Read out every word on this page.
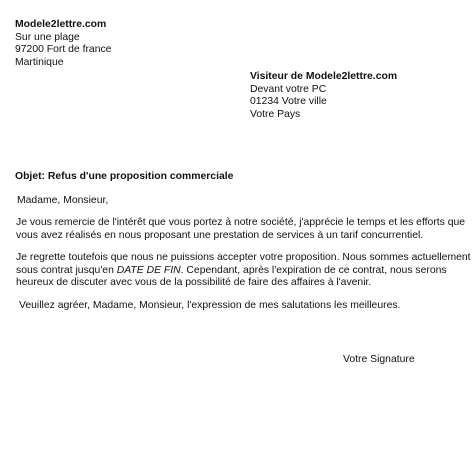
Modele2lettre.com
Sur une plage
97200 Fort de france
Martinique
Visiteur de Modele2lettre.com
Devant votre PC
01234 Votre ville
Votre Pays
Objet: Refus d'une proposition commerciale
Madame, Monsieur,
Je vous remercie de l'intérêt que vous portez à notre société, j'apprécie le temps et les efforts que
vous avez réalisés en nous proposant une prestation de services à un tarif concurrentiel.
Je regrette toutefois que nous ne puissions accepter votre proposition. Nous sommes actuellement
sous contrat jusqu'en DATE DE FIN. Cependant, après l'expiration de ce contrat, nous serons
heureux de discuter avec vous de la possibilité de faire des affaires à l'avenir.
Veuillez agréer, Madame, Monsieur, l'expression de mes salutations les meilleures.
Votre Signature
